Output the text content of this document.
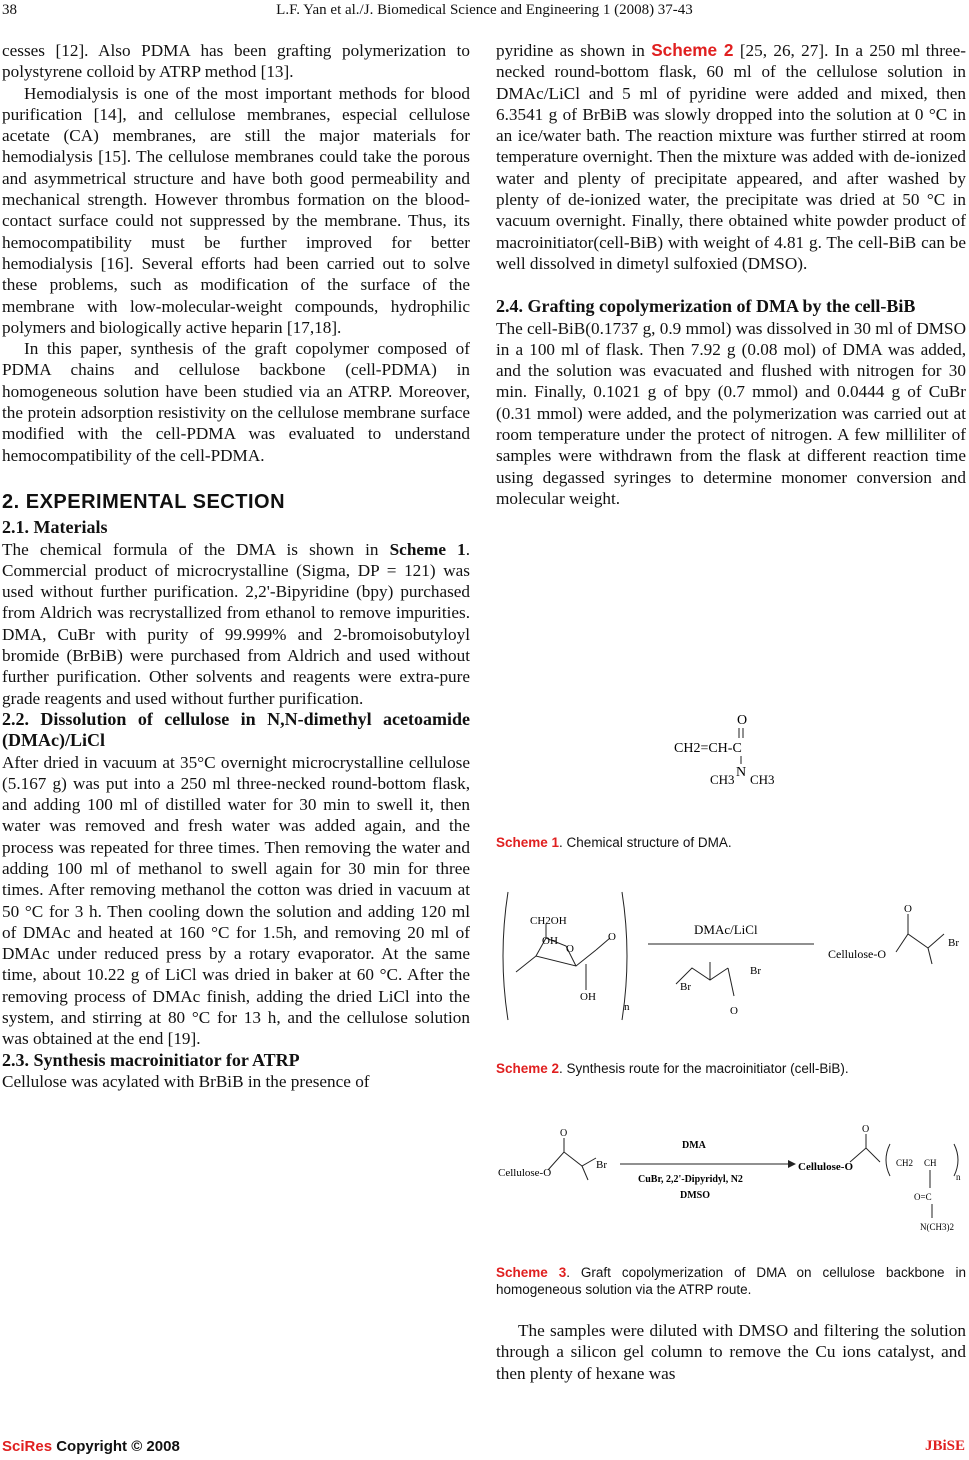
38	L.F. Yan et al./J. Biomedical Science and Engineering 1 (2008) 37-43

cesses [12]. Also PDMA has been grafting polymerization to polystyrene colloid by ATRP method [13].

Hemodialysis is one of the most important methods for blood purification [14], and cellulose membranes, especial cellulose acetate (CA) membranes, are still the major materials for hemodialysis [15]. The cellulose membranes could take the porous and asymmetrical structure and have both good permeability and mechanical strength. However thrombus formation on the blood-contact surface could not suppressed by the membrane. Thus, its hemocompatibility must be further improved for better hemodialysis [16]. Several efforts had been carried out to solve these problems, such as modification of the surface of the membrane with low-molecular-weight compounds, hydrophilic polymers and biologically active heparin [17,18].

In this paper, synthesis of the graft copolymer composed of PDMA chains and cellulose backbone (cell-PDMA) in homogeneous solution have been studied via an ATRP. Moreover, the protein adsorption resistivity on the cellulose membrane surface modified with the cell-PDMA was evaluated to understand hemocompatibility of the cell-PDMA.

2. EXPERIMENTAL SECTION

2.1. Materials

The chemical formula of the DMA is shown in Scheme 1. Commercial product of microcrystalline (Sigma, DP = 121) was used without further purification. 2,2'-Bipyridine (bpy) purchased from Aldrich was recrystallized from ethanol to remove impurities. DMA, CuBr with purity of 99.999% and 2-bromoisobutyloyl bromide (BrBiB) were purchased from Aldrich and used without further purification. Other solvents and reagents were extra-pure grade reagents and used without further purification.

2.2. Dissolution of cellulose in N,N-dimethyl acetoamide (DMAc)/LiCl

After dried in vacuum at 35°C overnight microcrystalline cellulose (5.167 g) was put into a 250 ml three-necked round-bottom flask, and adding 100 ml of distilled water for 30 min to swell it, then water was removed and fresh water was added again, and the process was repeated for three times. Then removing the water and adding 100 ml of methanol to swell again for 30 min for three times. After removing methanol the cotton was dried in vacuum at 50 °C for 3 h. Then cooling down the solution and adding 120 ml of DMAc and heated at 160 °C for 1.5h, and removing 20 ml of DMAc under reduced press by a rotary evaporator. At the same time, about 10.22 g of LiCl was dried in baker at 60 °C. After the removing process of DMAc finish, adding the dried LiCl into the system, and stirring at 80 °C for 13 h, and the cellulose solution was obtained at the end [19].

2.3. Synthesis macroinitiator for ATRP

Cellulose was acylated with BrBiB in the presence of

pyridine as shown in Scheme 2 [25, 26, 27]. In a 250 ml three-necked round-bottom flask, 60 ml of the cellulose solution in DMAc/LiCl and 5 ml of pyridine were added and mixed, then 6.3541 g of BrBiB was slowly dropped into the solution at 0 °C in an ice/water bath. The reaction mixture was further stirred at room temperature overnight. Then the mixture was added with de-ionized water and plenty of precipitate appeared, and after washed by plenty of de-ionized water, the precipitate was dried at 50 °C in vacuum overnight. Finally, there obtained white powder product of macroinitiator(cell-BiB) with weight of 4.81 g. The cell-BiB can be well dissolved in dimetyl sulfoxied (DMSO).

2.4. Grafting copolymerization of DMA by the cell-BiB

The cell-BiB(0.1737 g, 0.9 mmol) was dissolved in 30 ml of DMSO in a 100 ml of flask. Then 7.92 g (0.08 mol) of DMA was added, and the solution was evacuated and flushed with nitrogen for 30 min. Finally, 0.1021 g of bpy (0.7 mmol) and 0.0444 g of CuBr (0.31 mmol) were added, and the polymerization was carried out at room temperature under the protect of nitrogen. A few milliliter of samples were withdrawn from the flask at different reaction time using degassed syringes to determine monomer conversion and molecular weight.

O
CH2=CH-C
N
CH3 CH3
Scheme 1. Chemical structure of DMA.
CH2OH
OH
O
O
OH
n
DMAc/LiCl
Br
Br
O
Cellulose-O
O
Br
Scheme 2. Synthesis route for the macroinitiator (cell-BiB).
Cellulose-O
O
Br
DMA
CuBr, 2,2'-Dipyridyl, N2
DMSO
Cellulose-O
O
CH2 CH
n
O=C
N(CH3)2
Scheme 3. Graft copolymerization of DMA on cellulose backbone in homogeneous solution via the ATRP route.

The samples were diluted with DMSO and filtering the solution through a silicon gel column to remove the Cu ions catalyst, and then plenty of hexane was

SciRes Copyright © 2008	JBiSE
